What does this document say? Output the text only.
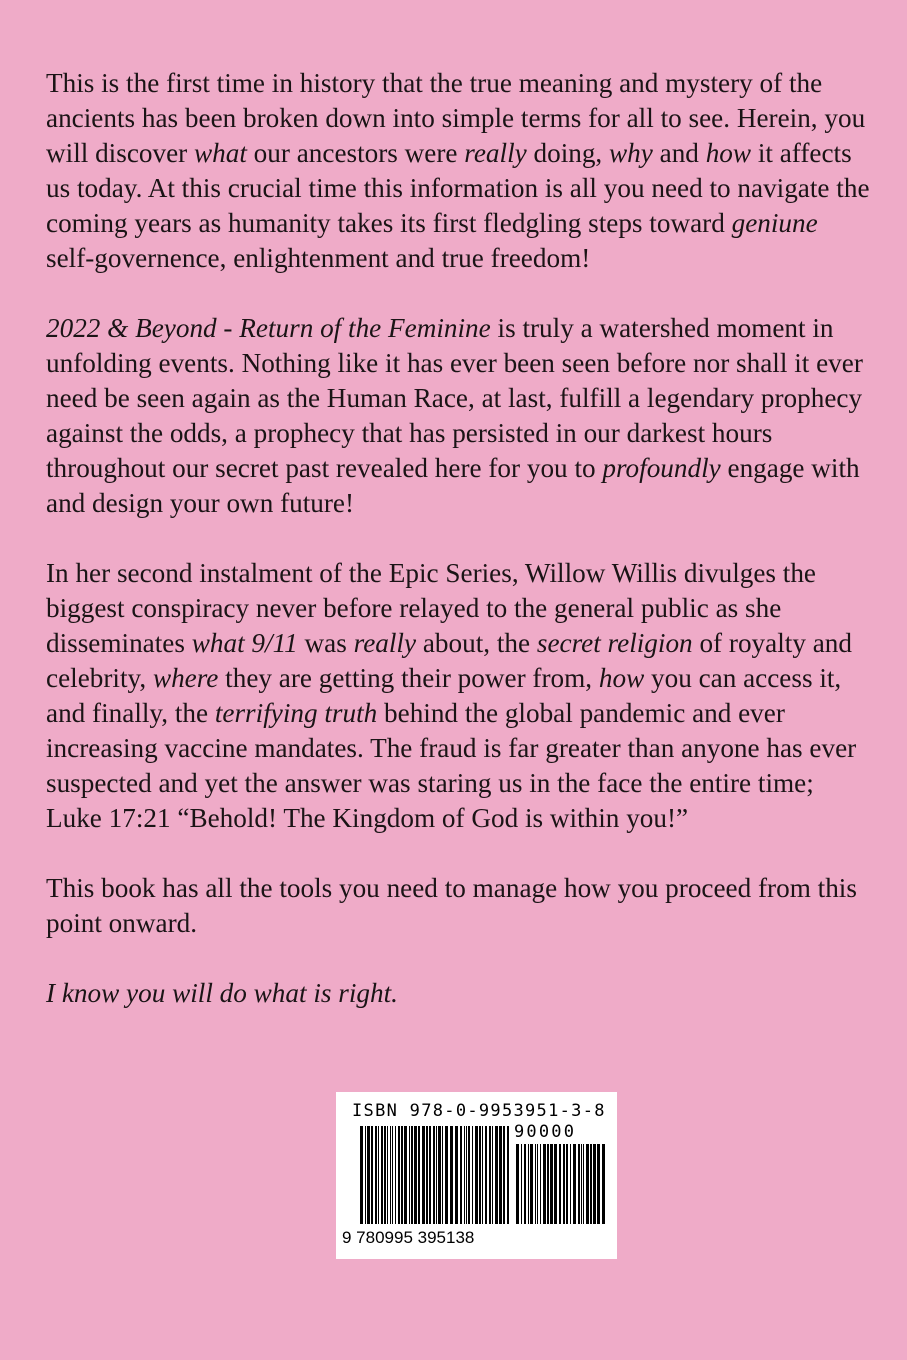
This is the first time in history that the true meaning and mystery of the ancients has been broken down into simple terms for all to see. Herein, you will discover what our ancestors were really doing, why and how it affects us today. At this crucial time this information is all you need to navigate the coming years as humanity takes its first fledgling steps toward geniune self-governence, enlightenment and true freedom!

2022 & Beyond - Return of the Feminine is truly a watershed moment in unfolding events. Nothing like it has ever been seen before nor shall it ever need be seen again as the Human Race, at last, fulfill a legendary prophecy against the odds, a prophecy that has persisted in our darkest hours throughout our secret past revealed here for you to profoundly engage with and design your own future!

In her second instalment of the Epic Series, Willow Willis divulges the biggest conspiracy never before relayed to the general public as she disseminates what 9/11 was really about, the secret religion of royalty and celebrity, where they are getting their power from, how you can access it, and finally, the terrifying truth behind the global pandemic and ever increasing vaccine mandates. The fraud is far greater than anyone has ever suspected and yet the answer was staring us in the face the entire time; Luke 17:21 “Behold! The Kingdom of God is within you!”

This book has all the tools you need to manage how you proceed from this point onward.

I know you will do what is right.

ISBN 978-0-9953951-3-8
90000
9 780995 395138
